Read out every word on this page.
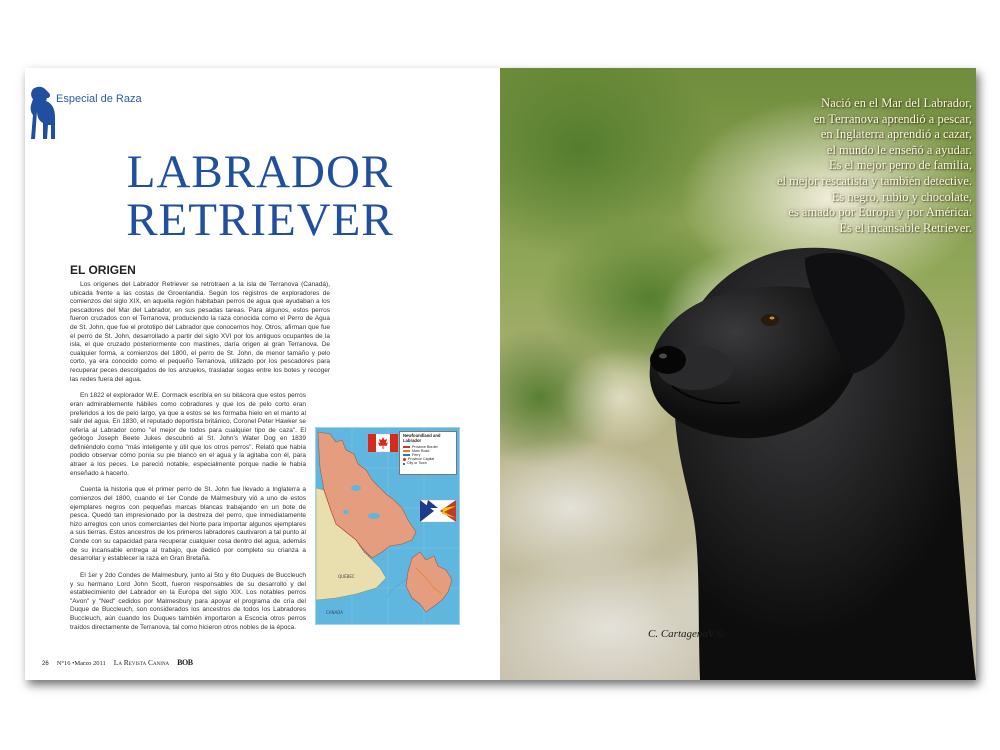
Especial de Raza
LABRADOR
RETRIEVER
EL ORIGEN

Los orígenes del Labrador Retriever se retrotraen a la isla de Terranova (Canadá), ubicada frente a las costas de Groenlandia. Según los registros de exploradores de comienzos del siglo XIX, en aquella región habitaban perros de agua que ayudaban a los pescadores del Mar del Labrador, en sus pesadas tareas. Para algunos, estos perros fueron cruzados con el Terranova, produciendo la raza conocida como el Perro de Agua de St. John, que fue el prototipo del Labrador que conocemos hoy. Otros, afirman que fue el perro de St. John, desarrollado a partir del siglo XVI por los antiguos ocupantes de la isla, el que cruzado posteriormente con mastines, daría origen al gran Terranova. De cualquier forma, a comienzos del 1800, el perro de St. John, de menor tamaño y pelo corto, ya era conocido como el pequeño Terranova, utilizado por los pescadores para recuperar peces descolgados de los anzuelos, trasladar sogas entre los botes y recoger las redes fuera del agua.

En 1822 el explorador W.E. Cormack escribía en su bitácora que estos perros eran admirablemente hábiles como cobradores y que los de pelo corto eran preferidos a los de pelo largo, ya que a estos se les formaba hielo en el manto al salir del agua. En 1830, el reputado deportista británico, Coronel Peter Hawker se refería al Labrador como "el mejor de todos para cualquier tipo de caza". El geólogo Joseph Beete Jukes descubrió al St. John's Water Dog en 1839 definiéndolo como "más inteligente y útil que los otros perros". Relató que había podido observar cómo ponía su pie blanco en el agua y la agitaba con él, para atraer a los peces. Le pareció notable, especialmente porque nadie le había enseñado a hacerlo.

Cuenta la historia que el primer perro de St. John fue llevado a Inglaterra a comienzos del 1800, cuando el 1er Conde de Malmesbury vió a uno de estos ejemplares negros con pequeñas marcas blancas trabajando en un bote de pesca. Quedó tan impresionado por la destreza del perro, que inmediatamente hizo arreglos con unos comerciantes del Norte para importar algunos ejemplares a sus tierras. Estos ancestros de los primeros labradores cautivaron a tal punto al Conde con su capacidad para recuperar cualquier cosa dentro del agua, además de su incansable entrega al trabajo, que dedicó por completo su crianza a desarrollar y establecer la raza en Gran Bretaña.

El 1er y 2do Condes de Malmesbury, junto al 5to y 6to Duques de Buccleuch y su hermano Lord John Scott, fueron responsables de su desarrollo y del establecimiento del Labrador en la Europa del siglo XIX. Los notables perros "Avon" y "Ned" cedidos por Malmesbury para apoyar el programa de cría del Duque de Buccleuch, son considerados los ancestros de todos los Labradores Buccleuch, aún cuando los Duques también importaron a Escocia otros perros traídos directamente de Terranova, tal como hicieron otros nobles de la época.

QUÉBEC
CANADA
Newfoundland and Labrador
Province Border
Main Road
Ferry
Province Capital
City or Town
26 N°16 •Marzo 2011 La Revista Canina BOB
Nació en el Mar del Labrador,
en Terranova aprendió a pescar,
en Inglaterra aprendió a cazar,
el mundo le enseñó a ayudar.
Es el mejor perro de familia,
el mejor rescatista y también detective.
Es negro, rubio y chocolate,
es amado por Europa y por América.
Es el incansable Retriever.
C. CartagenaV.©
